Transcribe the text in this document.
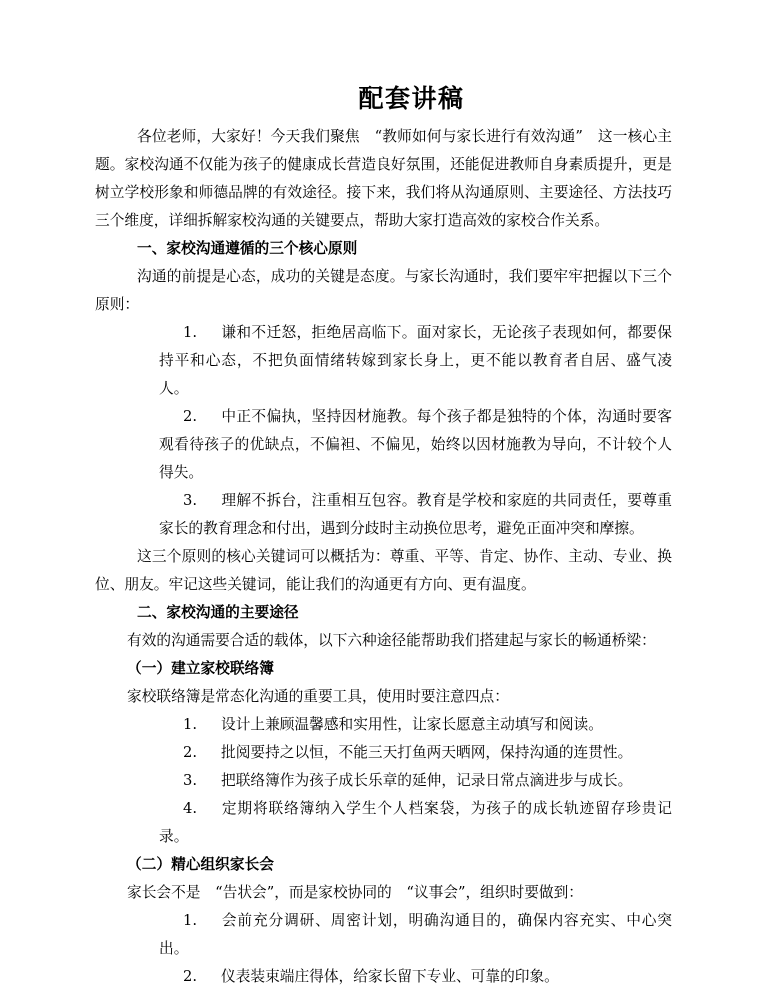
配套讲稿

各位老师，大家好！今天我们聚焦　“教师如何与家长进行有效沟通”　这一核心主题。家校沟通不仅能为孩子的健康成长营造良好氛围，还能促进教师自身素质提升，更是树立学校形象和师德品牌的有效途径。接下来，我们将从沟通原则、主要途径、方法技巧三个维度，详细拆解家校沟通的关键要点，帮助大家打造高效的家校合作关系。

一、家校沟通遵循的三个核心原则

沟通的前提是心态，成功的关键是态度。与家长沟通时，我们要牢牢把握以下三个原则：

1. 谦和不迁怒，拒绝居高临下。面对家长，无论孩子表现如何，都要保持平和心态，不把负面情绪转嫁到家长身上，更不能以教育者自居、盛气凌人。
2. 中正不偏执，坚持因材施教。每个孩子都是独特的个体，沟通时要客观看待孩子的优缺点，不偏袒、不偏见，始终以因材施教为导向，不计较个人得失。
3. 理解不拆台，注重相互包容。教育是学校和家庭的共同责任，要尊重家长的教育理念和付出，遇到分歧时主动换位思考，避免正面冲突和摩擦。

这三个原则的核心关键词可以概括为：尊重、平等、肯定、协作、主动、专业、换位、朋友。牢记这些关键词，能让我们的沟通更有方向、更有温度。

二、家校沟通的主要途径

有效的沟通需要合适的载体，以下六种途径能帮助我们搭建起与家长的畅通桥梁：

（一）建立家校联络簿

家校联络簿是常态化沟通的重要工具，使用时要注意四点：

1. 设计上兼顾温馨感和实用性，让家长愿意主动填写和阅读。
2. 批阅要持之以恒，不能三天打鱼两天晒网，保持沟通的连贯性。
3. 把联络簿作为孩子成长乐章的延伸，记录日常点滴进步与成长。
4. 定期将联络簿纳入学生个人档案袋，为孩子的成长轨迹留存珍贵记录。
（二）精心组织家长会

家长会不是　“告状会”，而是家校协同的　“议事会”，组织时要做到：

1. 会前充分调研、周密计划，明确沟通目的，确保内容充实、中心突出。
2. 仪表装束端庄得体，给家长留下专业、可靠的印象。
